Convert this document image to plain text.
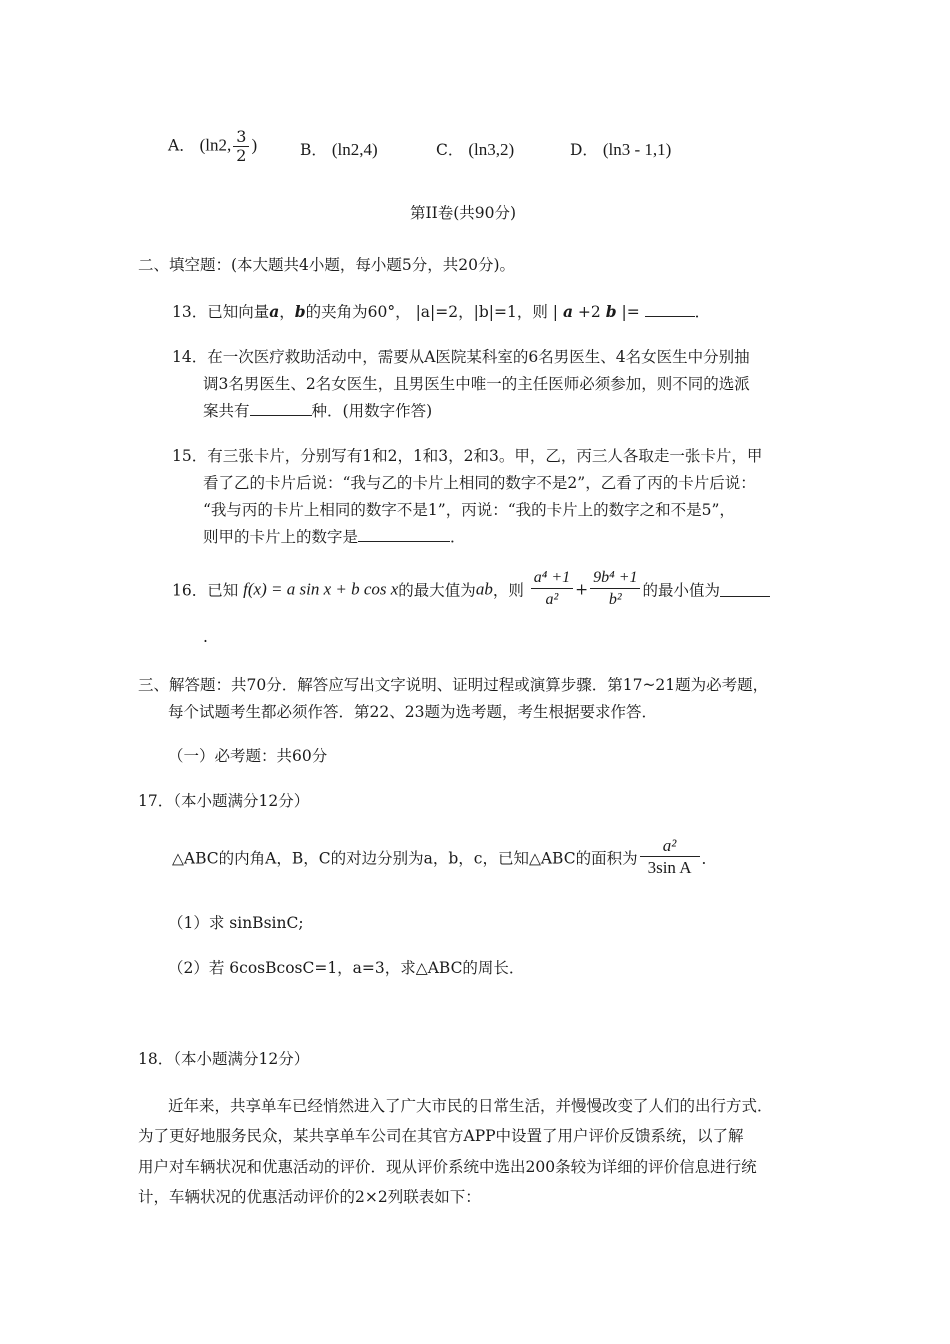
A． (ln2, $\frac{3}{2}$ )	B． (ln2,4)	C． (ln3,2)	D． (ln3 - 1,1)
第II卷(共90分)
二、填空题：(本大题共4小题，每小题5分，共20分)。
13．已知向量a，b的夹角为60°， |a|=2，|b|=1，则 | a +2 b |=	．
14．在一次医疗救助活动中，需要从A医院某科室的6名男医生、4名女医生中分别抽
调3名男医生、2名女医生，且男医生中唯一的主任医师必须参加，则不同的选派
案共有	种．(用数字作答)
15．有三张卡片，分别写有1和2，1和3，2和3。甲，乙，丙三人各取走一张卡片，甲
看了乙的卡片后说：“我与乙的卡片上相同的数字不是2”，乙看了丙的卡片后说：
“我与丙的卡片上相同的数字不是1”，丙说：“我的卡片上的数字之和不是5”，
则甲的卡片上的数字是	．
16．已知 f(x) = a sin x + b cos x的最大值为ab，则 $\frac{\text{a⁴ +1}}{\text{a²}} + \frac{\text{9b⁴ +1}}{\text{b²}}$ 的最小值为
.
三、解答题：共70分．解答应写出文字说明、证明过程或演算步骤．第17~21题为必考题，
每个试题考生都必须作答．第22、23题为选考题，考生根据要求作答．
（一）必考题：共60分
17．（本小题满分12分）
△ABC的内角A，B，C的对边分别为a，b，c，已知△ABC的面积为 $\frac{\text{a²}}{\text{3sin A}}$ ．
（1）求 sinBsinC;
（2）若 6cosBcosC=1，a=3，求△ABC的周长．
18．（本小题满分12分）
近年来，共享单车已经悄然进入了广大市民的日常生活，并慢慢改变了人们的出行方式．
为了更好地服务民众，某共享单车公司在其官方APP中设置了用户评价反馈系统，以了解
用户对车辆状况和优惠活动的评价．现从评价系统中选出200条较为详细的评价信息进行统
计，车辆状况的优惠活动评价的2×2列联表如下：
